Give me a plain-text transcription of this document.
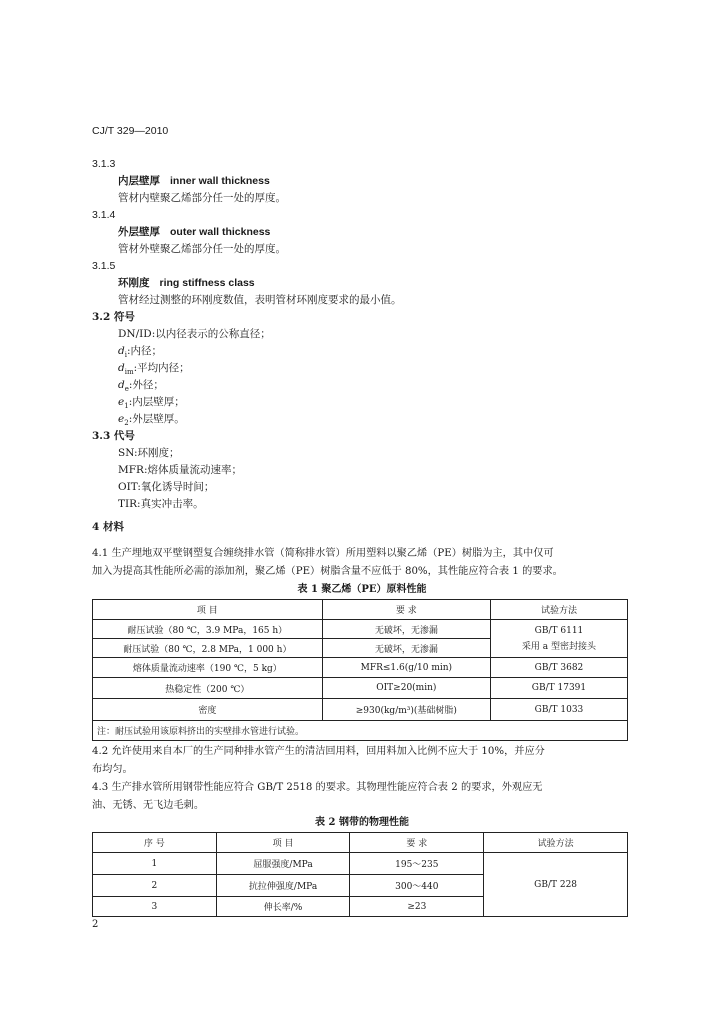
CJ/T 329—2010
3.1.3
内层壁厚 inner wall thickness
管材内壁聚乙烯部分任一处的厚度。
3.1.4
外层壁厚 outer wall thickness
管材外壁聚乙烯部分任一处的厚度。
3.1.5
环刚度 ring stiffness class
管材经过测整的环刚度数值，表明管材环刚度要求的最小值。
3.2 符号
DN/ID:以内径表示的公称直径；
$d_i$:内径；
$d_{im}$:平均内径；
$d_e$:外径；
$e_1$:内层壁厚；
$e_2$:外层壁厚。
3.3 代号
SN:环刚度；
MFR:熔体质量流动速率；
OIT:氧化诱导时间；
TIR:真实冲击率。
4 材料
4.1 生产埋地双平壁钢塑复合缠绕排水管（简称排水管）所用塑料以聚乙烯（PE）树脂为主，其中仅可
加入为提高其性能所必需的添加剂，聚乙烯（PE）树脂含量不应低于 80%，其性能应符合表 1 的要求。
表 1 聚乙烯（PE）原料性能
项 目	要 求	试验方法
耐压试验（80 ℃，3.9 MPa，165 h）	无破坏，无渗漏	GB/T 6111
采用 a 型密封接头

耐压试验（80 ℃，2.8 MPa，1 000 h）	无破坏，无渗漏	
熔体质量流动速率（190 ℃，5 kg）	MFR≤1.6(g/10 min)	GB/T 3682
热稳定性（200 ℃）	OIT≥20(min)	GB/T 17391
密度	≥930(kg/m³)(基础树脂)	GB/T 1033
注：耐压试验用该原料挤出的实壁排水管进行试验。		
4.2 允许使用来自本厂的生产同种排水管产生的清洁回用料，回用料加入比例不应大于 10%，并应分
布均匀。
4.3 生产排水管所用钢带性能应符合 GB/T 2518 的要求。其物理性能应符合表 2 的要求，外观应无
油、无锈、无飞边毛刺。
表 2 钢带的物理性能
序 号	项 目	要 求	试验方法
1	屈服强度/MPa	195～235	GB/T 228
2	抗拉伸强度/MPa	300～440	
3	伸长率/%	≥23	
2
